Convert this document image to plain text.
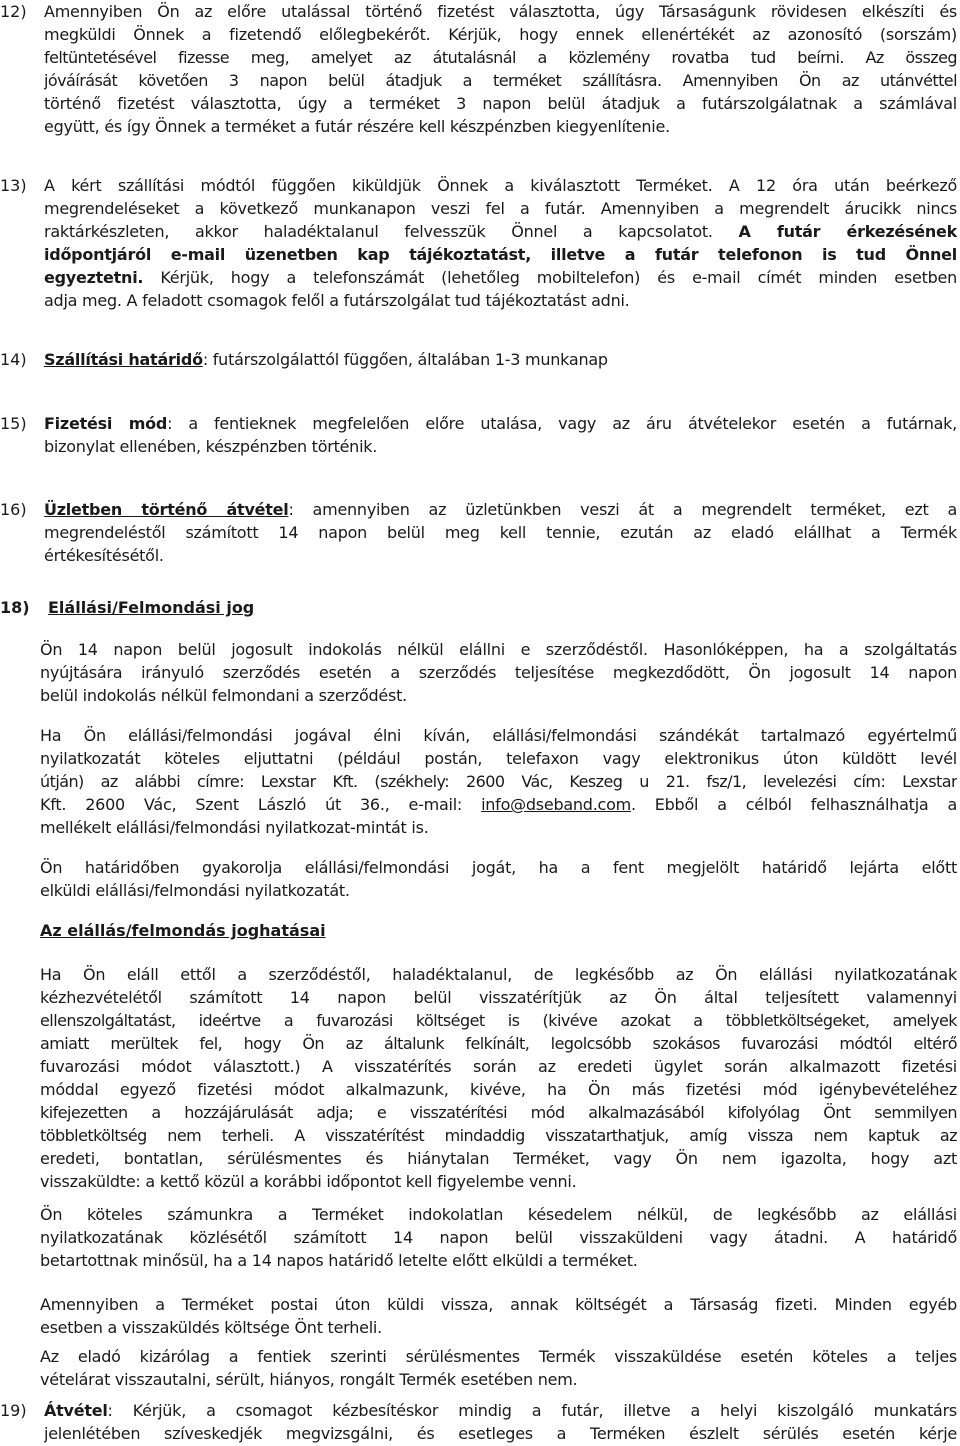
12)	Amennyiben Ön az előre utalással történő fizetést választotta, úgy Társaságunk rövidesen elkészíti és
megküldi Önnek a fizetendő előlegbekérőt. Kérjük, hogy ennek ellenértékét az azonosító (sorszám)
feltüntetésével fizesse meg, amelyet az átutalásnál a közlemény rovatba tud beírni. Az összeg
jóváírását követően 3 napon belül átadjuk a terméket szállításra. Amennyiben Ön az utánvéttel
történő fizetést választotta, úgy a terméket 3 napon belül átadjuk a futárszolgálatnak a számlával
együtt, és így Önnek a terméket a futár részére kell készpénzben kiegyenlítenie.
13)	A kért szállítási módtól függően kiküldjük Önnek a kiválasztott Terméket. A 12 óra után beérkező
megrendeléseket a következő munkanapon veszi fel a futár. Amennyiben a megrendelt árucikk nincs
raktárkészleten, akkor haladéktalanul felvesszük Önnel a kapcsolatot. A futár érkezésének
időpontjáról e-mail üzenetben kap tájékoztatást, illetve a futár telefonon is tud Önnel
egyeztetni. Kérjük, hogy a telefonszámát (lehetőleg mobiltelefon) és e-mail címét minden esetben
adja meg. A feladott csomagok felől a futárszolgálat tud tájékoztatást adni.
14)	Szállítási határidő: futárszolgálattól függően, általában 1-3 munkanap
15)	Fizetési mód: a fentieknek megfelelően előre utalása, vagy az áru átvételekor esetén a futárnak,
bizonylat ellenében, készpénzben történik.
16)	Üzletben történő átvétel: amennyiben az üzletünkben veszi át a megrendelt terméket, ezt a
megrendeléstől számított 14 napon belül meg kell tennie, ezután az eladó elállhat a Termék
értékesítésétől.
18)	Elállási/Felmondási jog
Ön 14 napon belül jogosult indokolás nélkül elállni e szerződéstől. Hasonlóképpen, ha a szolgáltatás
nyújtására irányuló szerződés esetén a szerződés teljesítése megkezdődött, Ön jogosult 14 napon
belül indokolás nélkül felmondani a szerződést.
Ha Ön elállási/felmondási jogával élni kíván, elállási/felmondási szándékát tartalmazó egyértelmű
nyilatkozatát köteles eljuttatni (például postán, telefaxon vagy elektronikus úton küldött levél
útján) az alábbi címre: Lexstar Kft. (székhely: 2600 Vác, Keszeg u 21. fsz/1, levelezési cím: Lexstar
Kft. 2600 Vác, Szent László út 36., e-mail: info@dseband.com. Ebből a célból felhasználhatja a
mellékelt elállási/felmondási nyilatkozat-mintát is.
Ön határidőben gyakorolja elállási/felmondási jogát, ha a fent megjelölt határidő lejárta előtt
elküldi elállási/felmondási nyilatkozatát.
Az elállás/felmondás joghatásai
Ha Ön eláll ettől a szerződéstől, haladéktalanul, de legkésőbb az Ön elállási nyilatkozatának
kézhezvételétől számított 14 napon belül visszatérítjük az Ön által teljesített valamennyi
ellenszolgáltatást, ideértve a fuvarozási költséget is (kivéve azokat a többletköltségeket, amelyek
amiatt merültek fel, hogy Ön az általunk felkínált, legolcsóbb szokásos fuvarozási módtól eltérő
fuvarozási módot választott.) A visszatérítés során az eredeti ügylet során alkalmazott fizetési
móddal egyező fizetési módot alkalmazunk, kivéve, ha Ön más fizetési mód igénybevételéhez
kifejezetten a hozzájárulását adja; e visszatérítési mód alkalmazásából kifolyólag Önt semmilyen
többletköltség nem terheli. A visszatérítést mindaddig visszatarthatjuk, amíg vissza nem kaptuk az
eredeti, bontatlan, sérülésmentes és hiánytalan Terméket, vagy Ön nem igazolta, hogy azt
visszaküldte: a kettő közül a korábbi időpontot kell figyelembe venni.
Ön köteles számunkra a Terméket indokolatlan késedelem nélkül, de legkésőbb az elállási
nyilatkozatának közlésétől számított 14 napon belül visszaküldeni vagy átadni. A határidő
betartottnak minősül, ha a 14 napos határidő letelte előtt elküldi a terméket.
Amennyiben a Terméket postai úton küldi vissza, annak költségét a Társaság fizeti. Minden egyéb
esetben a visszaküldés költsége Önt terheli.
Az eladó kizárólag a fentiek szerinti sérülésmentes Termék visszaküldése esetén köteles a teljes
vételárat visszautalni, sérült, hiányos, rongált Termék esetében nem.
19)	Átvétel: Kérjük, a csomagot kézbesítéskor mindig a futár, illetve a helyi kiszolgáló munkatárs
jelenlétében szíveskedjék megvizsgálni, és esetleges a Terméken észlelt sérülés esetén kérje
